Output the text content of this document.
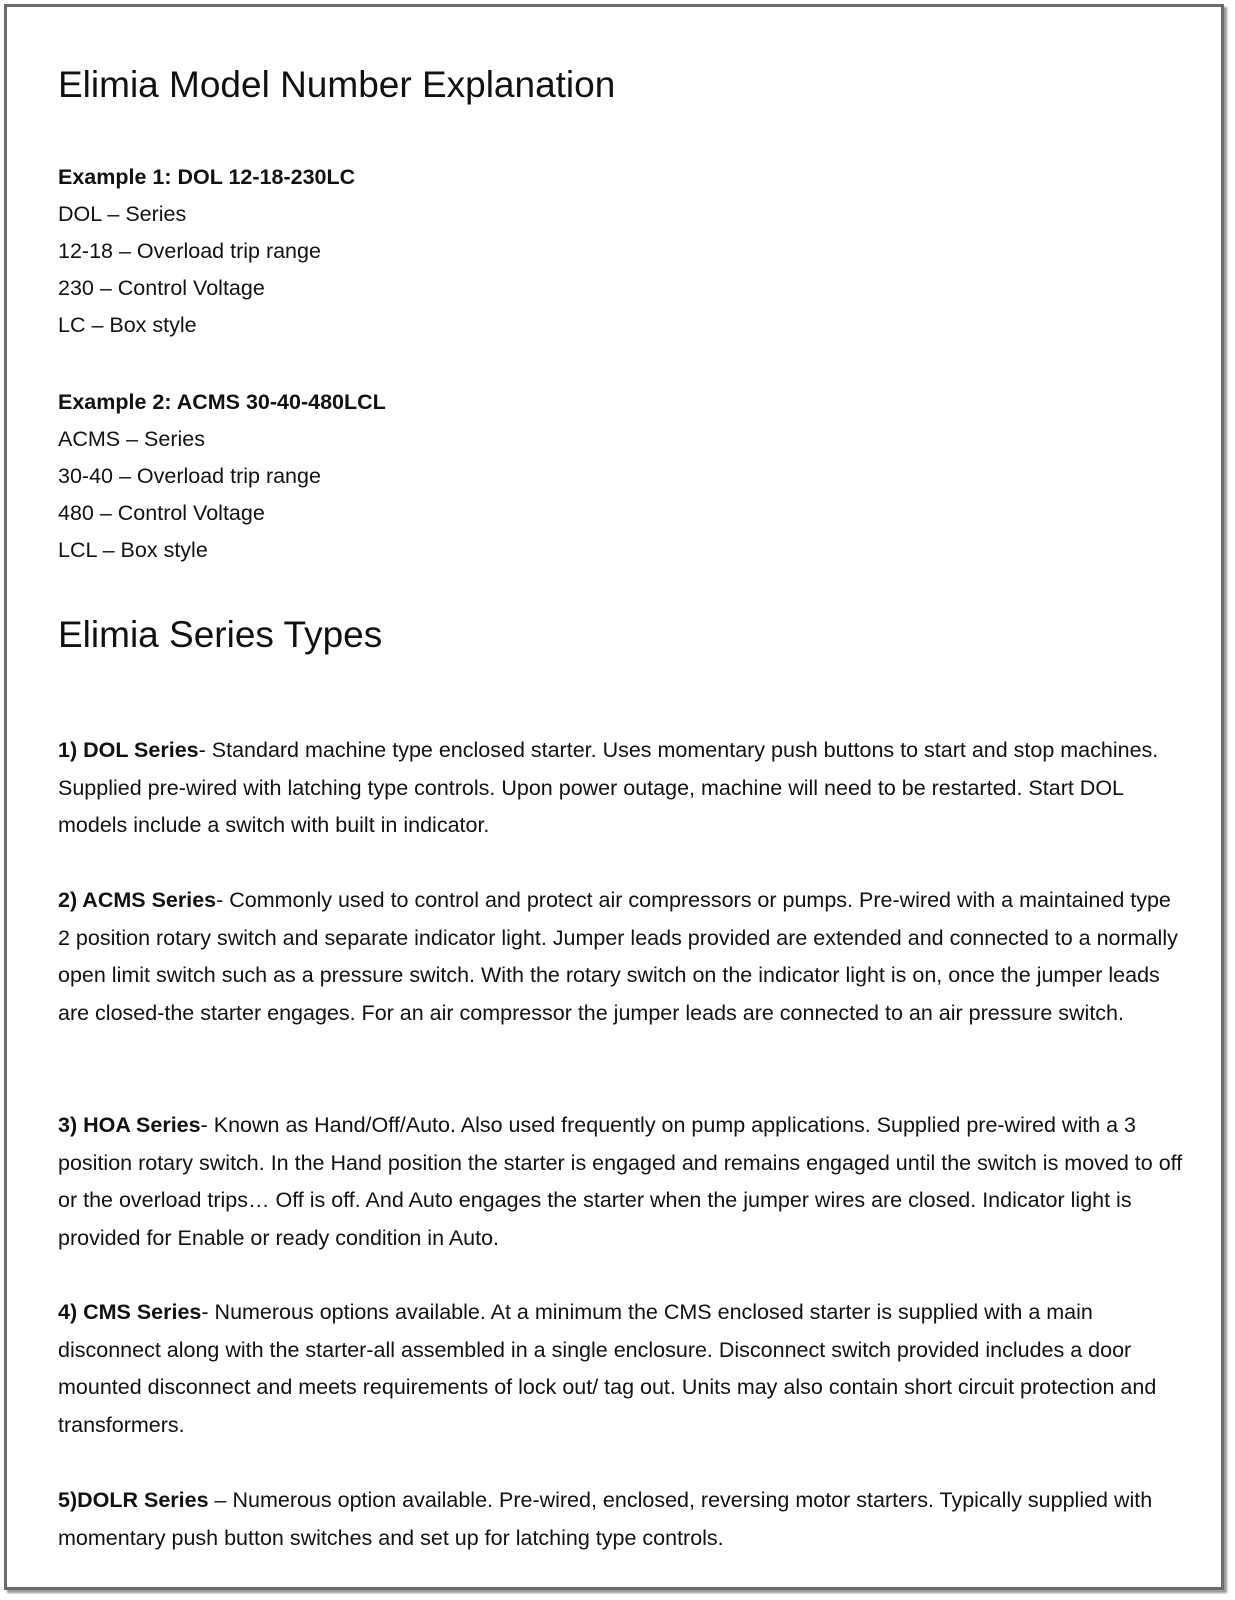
Elimia Model Number Explanation
Example 1: DOL 12-18-230LC
DOL – Series
12-18 – Overload trip range
230 – Control Voltage
LC – Box style
Example 2: ACMS 30-40-480LCL
ACMS – Series
30-40 – Overload trip range
480 – Control Voltage
LCL – Box style
Elimia Series Types

1) DOL Series- Standard machine type enclosed starter. Uses momentary push buttons to start and stop machines. Supplied pre-wired with latching type controls. Upon power outage, machine will need to be restarted. Start DOL models include a switch with built in indicator.

2) ACMS Series- Commonly used to control and protect air compressors or pumps. Pre-wired with a maintained type 2 position rotary switch and separate indicator light. Jumper leads provided are extended and connected to a normally open limit switch such as a pressure switch. With the rotary switch on the indicator light is on, once the jumper leads are closed-the starter engages. For an air compressor the jumper leads are connected to an air pressure switch.

3) HOA Series- Known as Hand/Off/Auto. Also used frequently on pump applications. Supplied pre-wired with a 3 position rotary switch. In the Hand position the starter is engaged and remains engaged until the switch is moved to off or the overload trips… Off is off. And Auto engages the starter when the jumper wires are closed. Indicator light is provided for Enable or ready condition in Auto.

4) CMS Series- Numerous options available. At a minimum the CMS enclosed starter is supplied with a main disconnect along with the starter-all assembled in a single enclosure. Disconnect switch provided includes a door mounted disconnect and meets requirements of lock out/ tag out. Units may also contain short circuit protection and transformers.

5)DOLR Series – Numerous option available. Pre-wired, enclosed, reversing motor starters. Typically supplied with momentary push button switches and set up for latching type controls.
